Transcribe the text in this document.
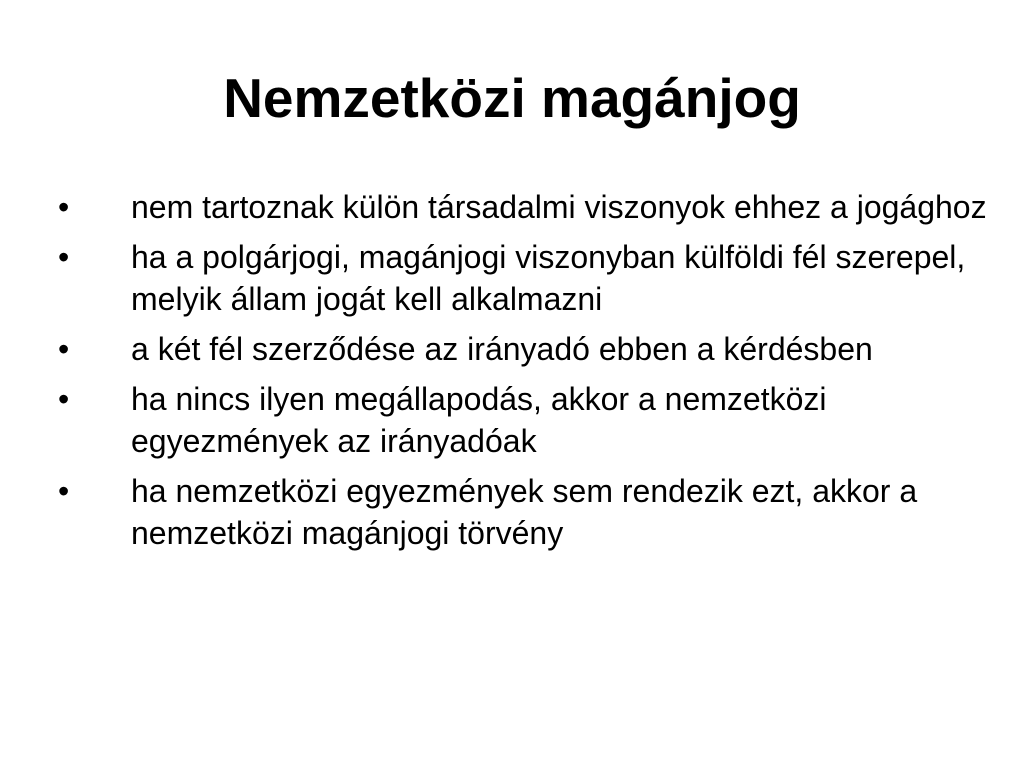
Nemzetközi magánjog
•	nem tartoznak külön társadalmi viszonyok ehhez a jogághoz
•	ha a polgárjogi, magánjogi viszonyban külföldi fél szerepel, melyik állam jogát kell alkalmazni
•	a két fél szerződése az irányadó ebben a kérdésben
•	ha nincs ilyen megállapodás, akkor a nemzetközi egyezmények az irányadóak
•	ha nemzetközi egyezmények sem rendezik ezt, akkor a nemzetközi magánjogi törvény
